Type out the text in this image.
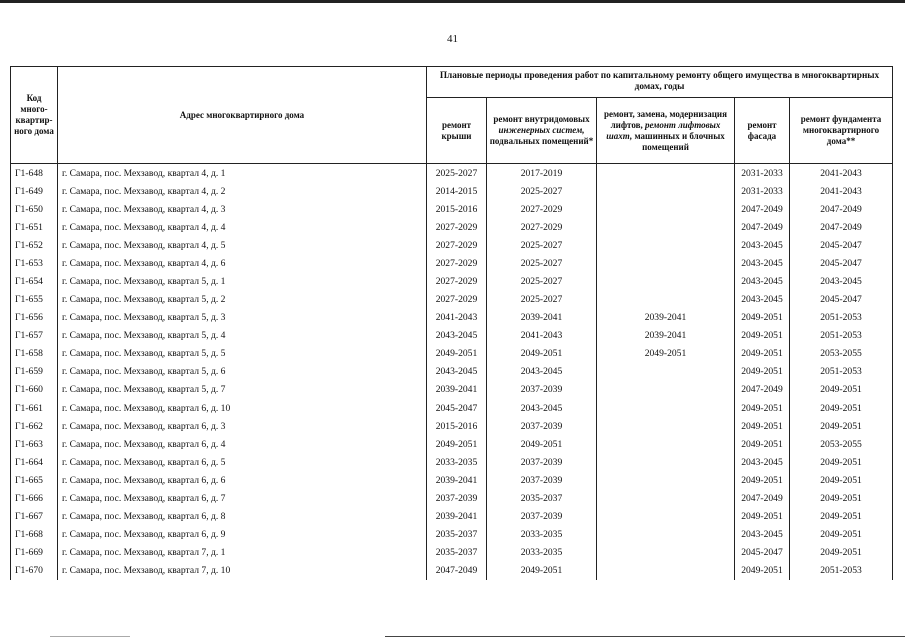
41
Код много-квартир-ного дома	Адрес многоквартирного дома	Плановые периоды проведения работ по капитальному ремонту общего имущества в многоквартирных домах, годы				
		ремонт крыши	ремонт внутридомовых инженерных систем, подвальных помещений*	ремонт, замена, модернизация лифтов, ремонт лифтовых шахт, машинных и блочных помещений	ремонт фасада	ремонт фундамента многоквартирного дома**
Г1-648	г. Самара, пос. Мехзавод, квартал 4, д. 1	2025-2027	2017-2019		2031-2033	2041-2043
Г1-649	г. Самара, пос. Мехзавод, квартал 4, д. 2	2014-2015	2025-2027		2031-2033	2041-2043
Г1-650	г. Самара, пос. Мехзавод, квартал 4, д. 3	2015-2016	2027-2029		2047-2049	2047-2049
Г1-651	г. Самара, пос. Мехзавод, квартал 4, д. 4	2027-2029	2027-2029		2047-2049	2047-2049
Г1-652	г. Самара, пос. Мехзавод, квартал 4, д. 5	2027-2029	2025-2027		2043-2045	2045-2047
Г1-653	г. Самара, пос. Мехзавод, квартал 4, д. 6	2027-2029	2025-2027		2043-2045	2045-2047
Г1-654	г. Самара, пос. Мехзавод, квартал 5, д. 1	2027-2029	2025-2027		2043-2045	2043-2045
Г1-655	г. Самара, пос. Мехзавод, квартал 5, д. 2	2027-2029	2025-2027		2043-2045	2045-2047
Г1-656	г. Самара, пос. Мехзавод, квартал 5, д. 3	2041-2043	2039-2041	2039-2041	2049-2051	2051-2053
Г1-657	г. Самара, пос. Мехзавод, квартал 5, д. 4	2043-2045	2041-2043	2039-2041	2049-2051	2051-2053
Г1-658	г. Самара, пос. Мехзавод, квартал 5, д. 5	2049-2051	2049-2051	2049-2051	2049-2051	2053-2055
Г1-659	г. Самара, пос. Мехзавод, квартал 5, д. 6	2043-2045	2043-2045		2049-2051	2051-2053
Г1-660	г. Самара, пос. Мехзавод, квартал 5, д. 7	2039-2041	2037-2039		2047-2049	2049-2051
Г1-661	г. Самара, пос. Мехзавод, квартал 6, д. 10	2045-2047	2043-2045		2049-2051	2049-2051
Г1-662	г. Самара, пос. Мехзавод, квартал 6, д. 3	2015-2016	2037-2039		2049-2051	2049-2051
Г1-663	г. Самара, пос. Мехзавод, квартал 6, д. 4	2049-2051	2049-2051		2049-2051	2053-2055
Г1-664	г. Самара, пос. Мехзавод, квартал 6, д. 5	2033-2035	2037-2039		2043-2045	2049-2051
Г1-665	г. Самара, пос. Мехзавод, квартал 6, д. 6	2039-2041	2037-2039		2049-2051	2049-2051
Г1-666	г. Самара, пос. Мехзавод, квартал 6, д. 7	2037-2039	2035-2037		2047-2049	2049-2051
Г1-667	г. Самара, пос. Мехзавод, квартал 6, д. 8	2039-2041	2037-2039		2049-2051	2049-2051
Г1-668	г. Самара, пос. Мехзавод, квартал 6, д. 9	2035-2037	2033-2035		2043-2045	2049-2051
Г1-669	г. Самара, пос. Мехзавод, квартал 7, д. 1	2035-2037	2033-2035		2045-2047	2049-2051
Г1-670	г. Самара, пос. Мехзавод, квартал 7, д. 10	2047-2049	2049-2051		2049-2051	2051-2053
